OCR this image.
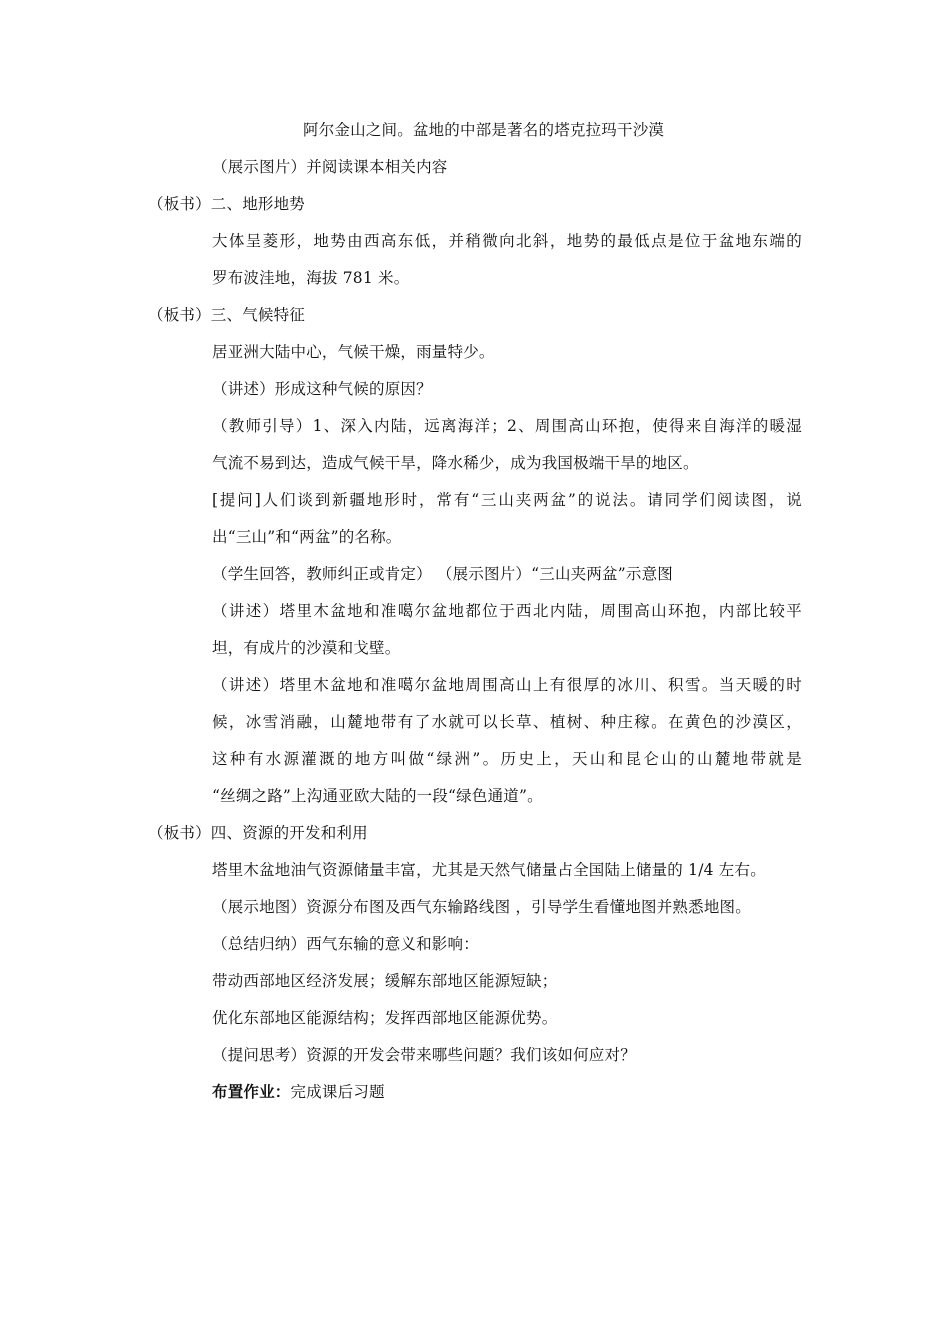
阿尔金山之间。盆地的中部是著名的塔克拉玛干沙漠
（展示图片）并阅读课本相关内容
（板书）二、地形地势
大体呈菱形，地势由西高东低，并稍微向北斜，地势的最低点是位于盆地东端的
罗布波洼地，海拔 781 米。
（板书）三、气候特征
居亚洲大陆中心，气候干燥，雨量特少。
（讲述）形成这种气候的原因？
（教师引导）1、深入内陆，远离海洋；2、周围高山环抱，使得来自海洋的暖湿
气流不易到达，造成气候干旱，降水稀少，成为我国极端干旱的地区。
[提问]人们谈到新疆地形时，常有“三山夹两盆”的说法。请同学们阅读图，说
出“三山”和“两盆”的名称。
（学生回答，教师纠正或肯定） （展示图片）“三山夹两盆”示意图
（讲述）塔里木盆地和准噶尔盆地都位于西北内陆，周围高山环抱，内部比较平
坦，有成片的沙漠和戈壁。
（讲述）塔里木盆地和准噶尔盆地周围高山上有很厚的冰川、积雪。当天暖的时
候，冰雪消融，山麓地带有了水就可以长草、植树、种庄稼。在黄色的沙漠区，
这种有水源灌溉的地方叫做“绿洲”。历史上，天山和昆仑山的山麓地带就是
“丝绸之路”上沟通亚欧大陆的一段“绿色通道”。
（板书）四、资源的开发和利用
塔里木盆地油气资源储量丰富，尤其是天然气储量占全国陆上储量的 1/4 左右。
（展示地图）资源分布图及西气东输路线图 ，引导学生看懂地图并熟悉地图。
（总结归纳）西气东输的意义和影响：
带动西部地区经济发展；缓解东部地区能源短缺；
优化东部地区能源结构；发挥西部地区能源优势。
（提问思考）资源的开发会带来哪些问题？我们该如何应对？
布置作业：完成课后习题
